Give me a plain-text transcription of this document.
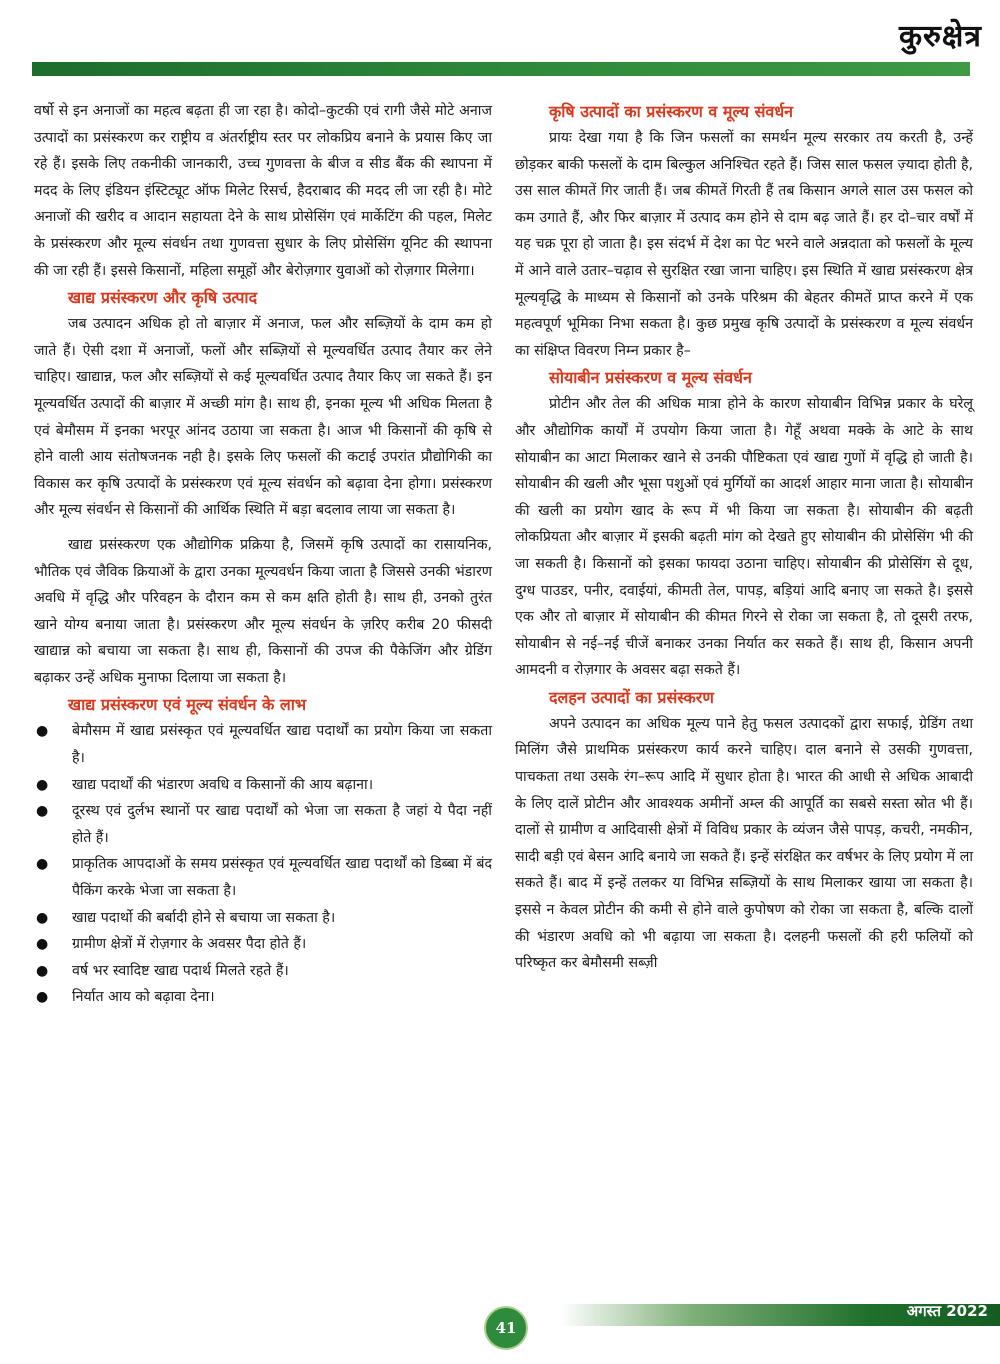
कुरुक्षेत्र

वर्षो से इन अनाजों का महत्व बढ़ता ही जा रहा है। कोदो–कुटकी एवं रागी जैसे मोटे अनाज उत्पादों का प्रसंस्करण कर राष्ट्रीय व अंतर्राष्ट्रीय स्तर पर लोकप्रिय बनाने के प्रयास किए जा रहे हैं। इसके लिए तकनीकी जानकारी, उच्च गुणवत्ता के बीज व सीड बैंक की स्थापना में मदद के लिए इंडियन इंस्टिट्यूट ऑफ मिलेट रिसर्च, हैदराबाद की मदद ली जा रही है। मोटे अनाजों की खरीद व आदान सहायता देने के साथ प्रोसेसिंग एवं मार्केटिंग की पहल, मिलेट के प्रसंस्करण और मूल्य संवर्धन तथा गुणवत्ता सुधार के लिए प्रोसेसिंग यूनिट की स्थापना की जा रही हैं। इससे किसानों, महिला समूहों और बेरोज़गार युवाओं को रोज़गार मिलेगा।

खाद्य प्रसंस्करण और कृषि उत्पाद

जब उत्पादन अधिक हो तो बाज़ार में अनाज, फल और सब्ज़ियों के दाम कम हो जाते हैं। ऐसी दशा में अनाजों, फलों और सब्ज़ियों से मूल्यवर्धित उत्पाद तैयार कर लेने चाहिए। खाद्यान्न, फल और सब्ज़ियों से कई मूल्यवर्धित उत्पाद तैयार किए जा सकते हैं। इन मूल्यवर्धित उत्पादों की बाज़ार में अच्छी मांग है। साथ ही, इनका मूल्य भी अधिक मिलता है एवं बेमौसम में इनका भरपूर आंनद उठाया जा सकता है। आज भी किसानों की कृषि से होने वाली आय संतोषजनक नही है। इसके लिए फसलों की कटाई उपरांत प्रौद्योगिकी का विकास कर कृषि उत्पादों के प्रसंस्करण एवं मूल्य संवर्धन को बढ़ावा देना होगा। प्रसंस्करण और मूल्य संवर्धन से किसानों की आर्थिक स्थिति में बड़ा बदलाव लाया जा सकता है।

खाद्य प्रसंस्करण एक औद्योगिक प्रक्रिया है, जिसमें कृषि उत्पादों का रासायनिक, भौतिक एवं जैविक क्रियाओं के द्वारा उनका मूल्यवर्धन किया जाता है जिससे उनकी भंडारण अवधि में वृद्धि और परिवहन के दौरान कम से कम क्षति होती है। साथ ही, उनको तुरंत खाने योग्य बनाया जाता है। प्रसंस्करण और मूल्य संवर्धन के ज़रिए करीब 20 फीसदी खाद्यान्न को बचाया जा सकता है। साथ ही, किसानों की उपज की पैकेजिंग और ग्रेडिंग बढ़ाकर उन्हें अधिक मुनाफा दिलाया जा सकता है।

खाद्य प्रसंस्करण एवं मूल्य संवर्धन के लाभ
● बेमौसम में खाद्य प्रसंस्कृत एवं मूल्यवर्धित खाद्य पदार्थों का प्रयोग किया जा सकता है।
● खाद्य पदार्थों की भंडारण अवधि व किसानों की आय बढ़ाना।
● दूरस्थ एवं दुर्लभ स्थानों पर खाद्य पदार्थों को भेजा जा सकता है जहां ये पैदा नहीं होते हैं।
● प्राकृतिक आपदाओं के समय प्रसंस्कृत एवं मूल्यवर्धित खाद्य पदार्थों को डिब्बा में बंद पैकिंग करके भेजा जा सकता है।
● खाद्य पदार्थो की बर्बादी होने से बचाया जा सकता है।
● ग्रामीण क्षेत्रों में रोज़गार के अवसर पैदा होते हैं।
● वर्ष भर स्वादिष्ट खाद्य पदार्थ मिलते रहते हैं।
● निर्यात आय को बढ़ावा देना।
कृषि उत्पादों का प्रसंस्करण व मूल्य संवर्धन

प्रायः देखा गया है कि जिन फसलों का समर्थन मूल्य सरकार तय करती है, उन्हें छोड़कर बाकी फसलों के दाम बिल्कुल अनिश्चित रहते हैं। जिस साल फसल ज़्यादा होती है, उस साल कीमतें गिर जाती हैं। जब कीमतें गिरती हैं तब किसान अगले साल उस फसल को कम उगाते हैं, और फिर बाज़ार में उत्पाद कम होने से दाम बढ़ जाते हैं। हर दो–चार वर्षों में यह चक्र पूरा हो जाता है। इस संदर्भ में देश का पेट भरने वाले अन्नदाता को फसलों के मूल्य में आने वाले उतार–चढ़ाव से सुरक्षित रखा जाना चाहिए। इस स्थिति में खाद्य प्रसंस्करण क्षेत्र मूल्यवृद्धि के माध्यम से किसानों को उनके परिश्रम की बेहतर कीमतें प्राप्त करने में एक महत्वपूर्ण भूमिका निभा सकता है। कुछ प्रमुख कृषि उत्पादों के प्रसंस्करण व मूल्य संवर्धन का संक्षिप्त विवरण निम्न प्रकार है–

सोयाबीन प्रसंस्करण व मूल्य संवर्धन

प्रोटीन और तेल की अधिक मात्रा होने के कारण सोयाबीन विभिन्न प्रकार के घरेलू और औद्योगिक कार्यों में उपयोग किया जाता है। गेहूँ अथवा मक्के के आटे के साथ सोयाबीन का आटा मिलाकर खाने से उनकी पौष्टिकता एवं खाद्य गुणों में वृद्धि हो जाती है। सोयाबीन की खली और भूसा पशुओं एवं मुर्गियों का आदर्श आहार माना जाता है। सोयाबीन की खली का प्रयोग खाद के रूप में भी किया जा सकता है। सोयाबीन की बढ़ती लोकप्रियता और बाज़ार में इसकी बढ़ती मांग को देखते हुए सोयाबीन की प्रोसेसिंग भी की जा सकती है। किसानों को इसका फायदा उठाना चाहिए। सोयाबीन की प्रोसेसिंग से दूध, दुग्ध पाउडर, पनीर, दवाईयां, कीमती तेल, पापड़, बड़ियां आदि बनाए जा सकते है। इससे एक और तो बाज़ार में सोयाबीन की कीमत गिरने से रोका जा सकता है, तो दूसरी तरफ, सोयाबीन से नई–नई चीजें बनाकर उनका निर्यात कर सकते हैं। साथ ही, किसान अपनी आमदनी व रोज़गार के अवसर बढ़ा सकते हैं।

दलहन उत्पादों का प्रसंस्करण

अपने उत्पादन का अधिक मूल्य पाने हेतु फसल उत्पादकों द्वारा सफाई, ग्रेडिंग तथा मिलिंग जैसे प्राथमिक प्रसंस्करण कार्य करने चाहिए। दाल बनाने से उसकी गुणवत्ता, पाचकता तथा उसके रंग–रूप आदि में सुधार होता है। भारत की आधी से अधिक आबादी के लिए दालें प्रोटीन और आवश्यक अमीनों अम्ल की आपूर्ति का सबसे सस्ता स्रोत भी हैं। दालों से ग्रामीण व आदिवासी क्षेत्रों में विविध प्रकार के व्यंजन जैसे पापड़, कचरी, नमकीन, सादी बड़ी एवं बेसन आदि बनाये जा सकते हैं। इन्हें संरक्षित कर वर्षभर के लिए प्रयोग में ला सकते हैं। बाद में इन्हें तलकर या विभिन्न सब्ज़ियों के साथ मिलाकर खाया जा सकता है। इससे न केवल प्रोटीन की कमी से होने वाले कुपोषण को रोका जा सकता है, बल्कि दालों की भंडारण अवधि को भी बढ़ाया जा सकता है। दलहनी फसलों की हरी फलियों को परिष्कृत कर बेमौसमी सब्ज़ी

अगस्त 2022
41
